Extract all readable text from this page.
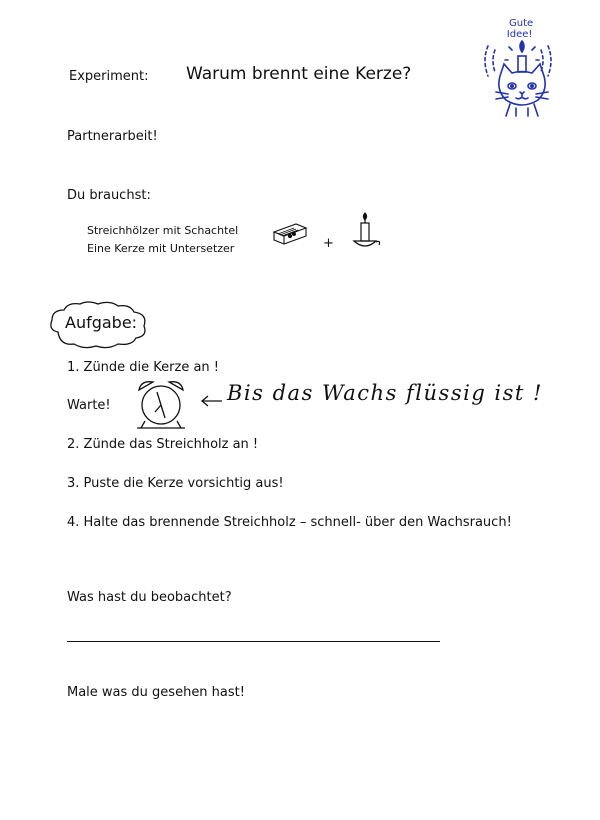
Experiment: Warum brennt eine Kerze?
Gute
Idee!
Partnerarbeit!
Du brauchst:
Streichhölzer mit Schachtel
Eine Kerze mit Untersetzer	+
Aufgabe:
1. Zünde die Kerze an !
Warte!
Bis das Wachs flüssig ist !
2. Zünde das Streichholz an !
3. Puste die Kerze vorsichtig aus!
4. Halte das brennende Streichholz – schnell- über den Wachsrauch!
Was hast du beobachtet?
Male was du gesehen hast!
